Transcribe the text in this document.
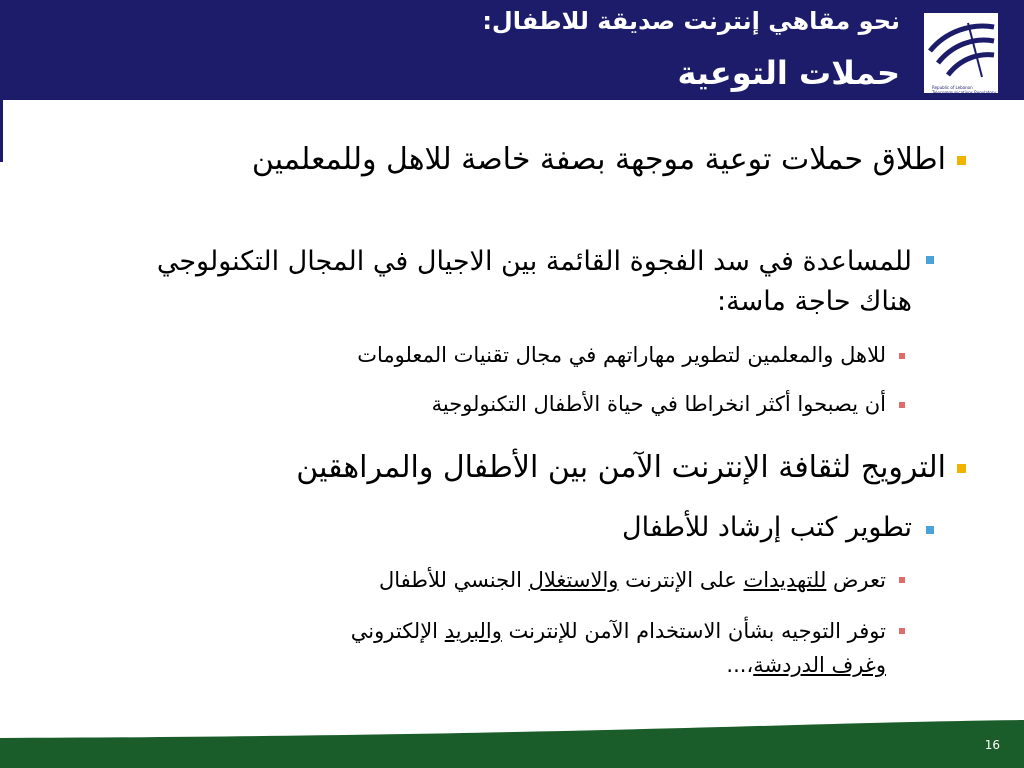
Republic of Lebanon Telecommunications Regulatory Authority
نحو مقاهي إنترنت صديقة للاطفال:
حملات التوعية
اطلاق حملات توعية موجهة بصفة خاصة للاهل وللمعلمين
للمساعدة في سد الفجوة القائمة بين الاجيال في المجال التكنولوجي هناك حاجة ماسة:
للاهل والمعلمين لتطوير مهاراتهم في مجال تقنيات المعلومات
أن يصبحوا أكثر انخراطا في حياة الأطفال التكنولوجية
الترويج لثقافة الإنترنت الآمن بين الأطفال والمراهقين
تطوير كتب إرشاد للأطفال
تعرض للتهديدات على الإنترنت والاستغلال الجنسي للأطفال
توفر التوجيه بشأن الاستخدام الآمن للإنترنت والبريد الإلكتروني
وغرف الدردشة،...
16
